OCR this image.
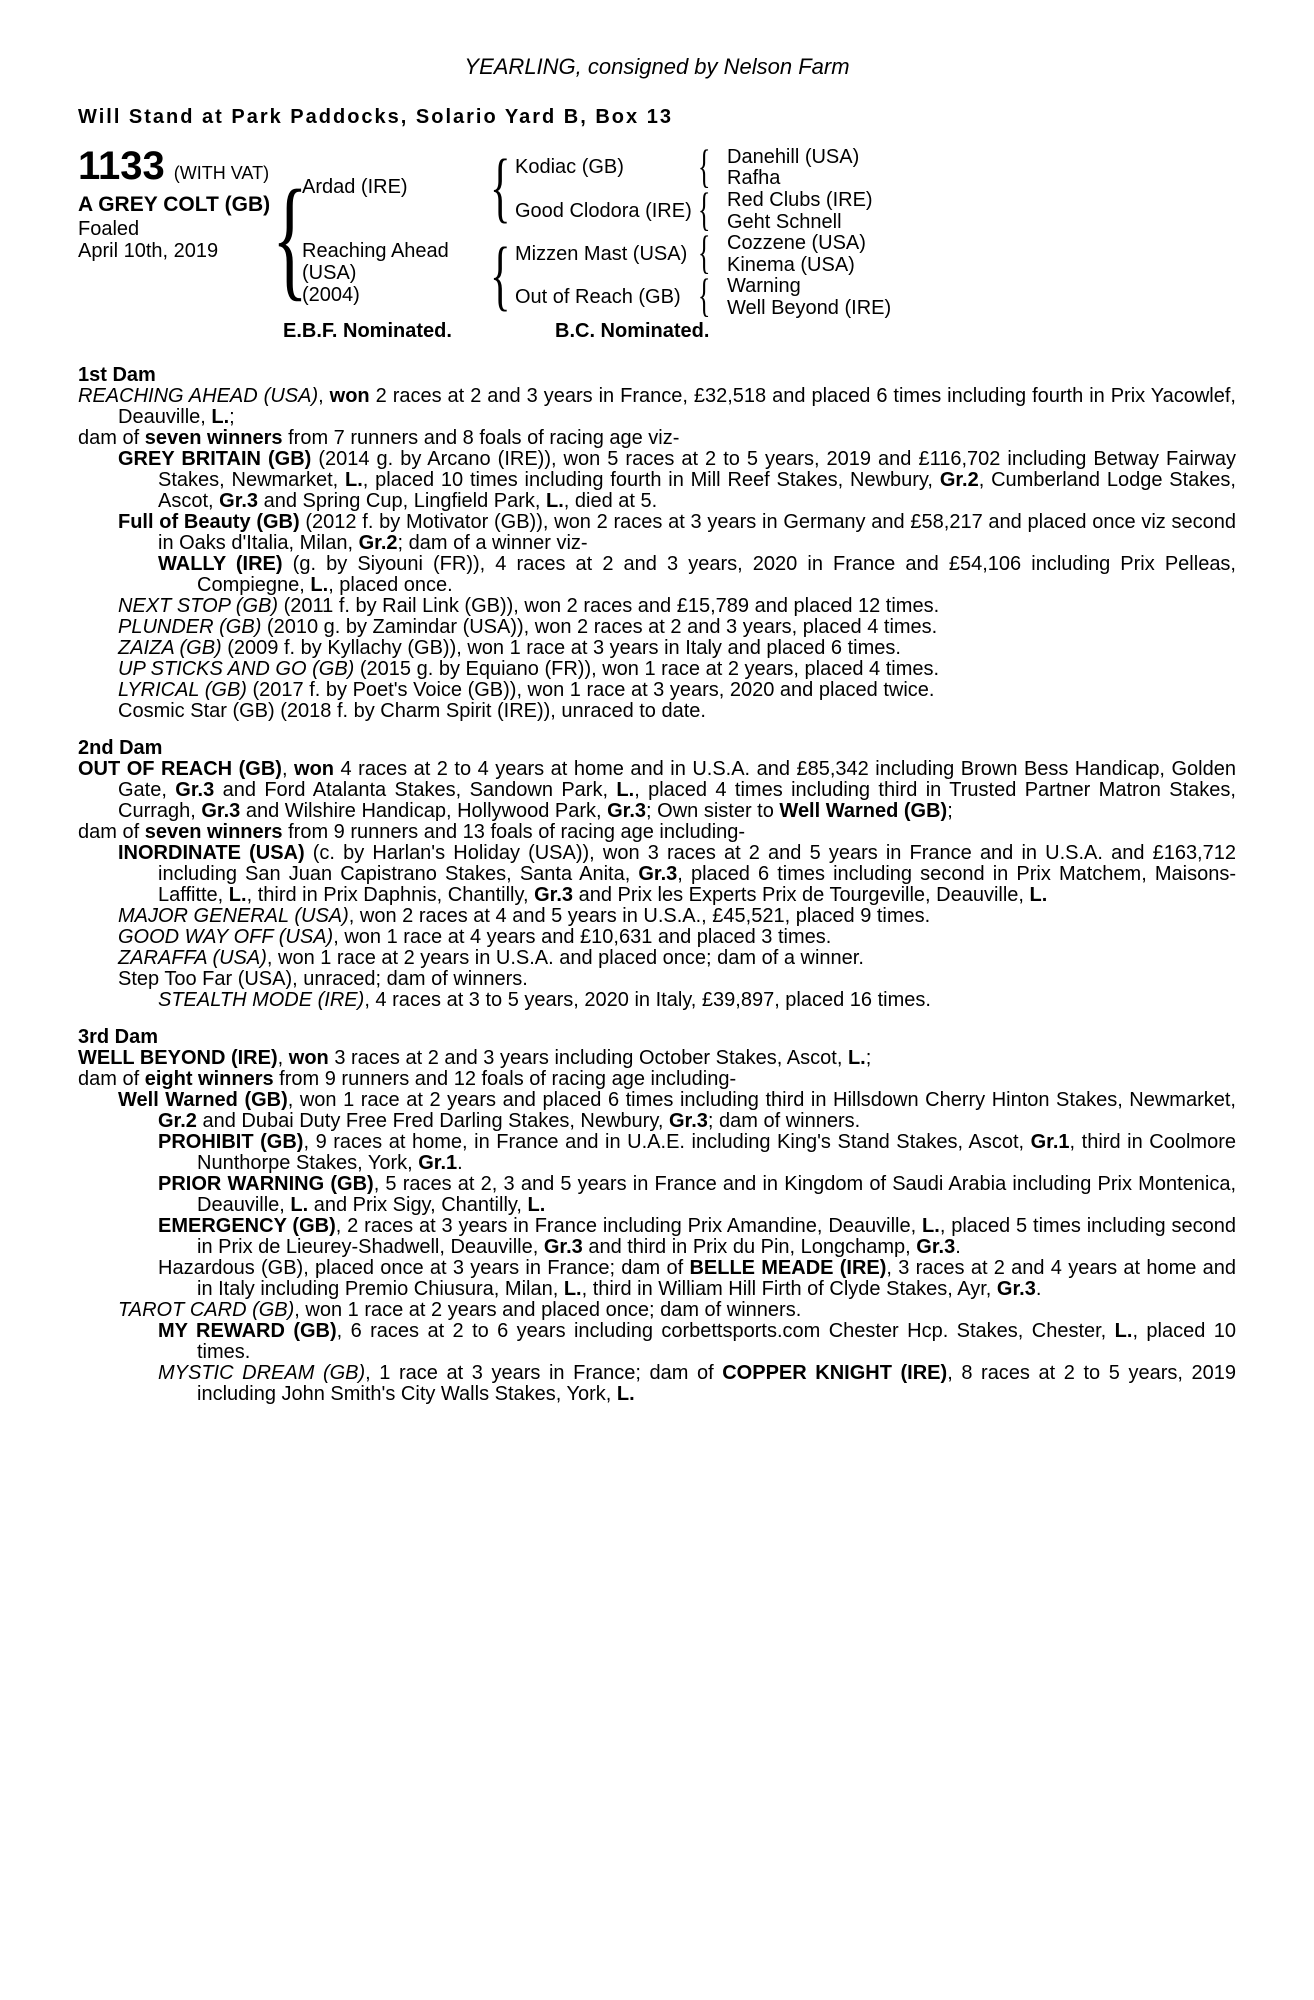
YEARLING, consigned by Nelson Farm
Will Stand at Park Paddocks, Solario Yard B, Box 13
1133 (WITH VAT)
A GREY COLT (GB)
Foaled
April 10th, 2019 {
Ardad (IRE)
Reaching Ahead
(USA)
(2004)
{
{
Kodiac (GB)
Good Clodora (IRE)
Mizzen Mast (USA)
Out of Reach (GB)
{
{
{
{
Danehill (USA)
Rafha
Red Clubs (IRE)
Geht Schnell
Cozzene (USA)
Kinema (USA)
Warning
Well Beyond (IRE)
E.B.F. Nominated.	B.C. Nominated.
1st Dam

REACHING AHEAD (USA), won 2 races at 2 and 3 years in France, £32,518 and placed 6 times including fourth in Prix Yacowlef, Deauville, L.;

dam of seven winners from 7 runners and 8 foals of racing age viz-

GREY BRITAIN (GB) (2014 g. by Arcano (IRE)), won 5 races at 2 to 5 years, 2019 and £116,702 including Betway Fairway Stakes, Newmarket, L., placed 10 times including fourth in Mill Reef Stakes, Newbury, Gr.2, Cumberland Lodge Stakes, Ascot, Gr.3 and Spring Cup, Lingfield Park, L., died at 5.

Full of Beauty (GB) (2012 f. by Motivator (GB)), won 2 races at 3 years in Germany and £58,217 and placed once viz second in Oaks d'Italia, Milan, Gr.2; dam of a winner viz-

WALLY (IRE) (g. by Siyouni (FR)), 4 races at 2 and 3 years, 2020 in France and £54,106 including Prix Pelleas, Compiegne, L., placed once.

NEXT STOP (GB) (2011 f. by Rail Link (GB)), won 2 races and £15,789 and placed 12 times.

PLUNDER (GB) (2010 g. by Zamindar (USA)), won 2 races at 2 and 3 years, placed 4 times.

ZAIZA (GB) (2009 f. by Kyllachy (GB)), won 1 race at 3 years in Italy and placed 6 times.

UP STICKS AND GO (GB) (2015 g. by Equiano (FR)), won 1 race at 2 years, placed 4 times.

LYRICAL (GB) (2017 f. by Poet's Voice (GB)), won 1 race at 3 years, 2020 and placed twice.

Cosmic Star (GB) (2018 f. by Charm Spirit (IRE)), unraced to date.

2nd Dam

OUT OF REACH (GB), won 4 races at 2 to 4 years at home and in U.S.A. and £85,342 including Brown Bess Handicap, Golden Gate, Gr.3 and Ford Atalanta Stakes, Sandown Park, L., placed 4 times including third in Trusted Partner Matron Stakes, Curragh, Gr.3 and Wilshire Handicap, Hollywood Park, Gr.3; Own sister to Well Warned (GB);

dam of seven winners from 9 runners and 13 foals of racing age including-

INORDINATE (USA) (c. by Harlan's Holiday (USA)), won 3 races at 2 and 5 years in France and in U.S.A. and £163,712 including San Juan Capistrano Stakes, Santa Anita, Gr.3, placed 6 times including second in Prix Matchem, Maisons-Laffitte, L., third in Prix Daphnis, Chantilly, Gr.3 and Prix les Experts Prix de Tourgeville, Deauville, L.

MAJOR GENERAL (USA), won 2 races at 4 and 5 years in U.S.A., £45,521, placed 9 times.

GOOD WAY OFF (USA), won 1 race at 4 years and £10,631 and placed 3 times.

ZARAFFA (USA), won 1 race at 2 years in U.S.A. and placed once; dam of a winner.

Step Too Far (USA), unraced; dam of winners.

STEALTH MODE (IRE), 4 races at 3 to 5 years, 2020 in Italy, £39,897, placed 16 times.

3rd Dam

WELL BEYOND (IRE), won 3 races at 2 and 3 years including October Stakes, Ascot, L.;

dam of eight winners from 9 runners and 12 foals of racing age including-

Well Warned (GB), won 1 race at 2 years and placed 6 times including third in Hillsdown Cherry Hinton Stakes, Newmarket, Gr.2 and Dubai Duty Free Fred Darling Stakes, Newbury, Gr.3; dam of winners.

PROHIBIT (GB), 9 races at home, in France and in U.A.E. including King's Stand Stakes, Ascot, Gr.1, third in Coolmore Nunthorpe Stakes, York, Gr.1.

PRIOR WARNING (GB), 5 races at 2, 3 and 5 years in France and in Kingdom of Saudi Arabia including Prix Montenica, Deauville, L. and Prix Sigy, Chantilly, L.

EMERGENCY (GB), 2 races at 3 years in France including Prix Amandine, Deauville, L., placed 5 times including second in Prix de Lieurey-Shadwell, Deauville, Gr.3 and third in Prix du Pin, Longchamp, Gr.3.

Hazardous (GB), placed once at 3 years in France; dam of BELLE MEADE (IRE), 3 races at 2 and 4 years at home and in Italy including Premio Chiusura, Milan, L., third in William Hill Firth of Clyde Stakes, Ayr, Gr.3.

TAROT CARD (GB), won 1 race at 2 years and placed once; dam of winners.

MY REWARD (GB), 6 races at 2 to 6 years including corbettsports.com Chester Hcp. Stakes, Chester, L., placed 10 times.

MYSTIC DREAM (GB), 1 race at 3 years in France; dam of COPPER KNIGHT (IRE), 8 races at 2 to 5 years, 2019 including John Smith's City Walls Stakes, York, L.
